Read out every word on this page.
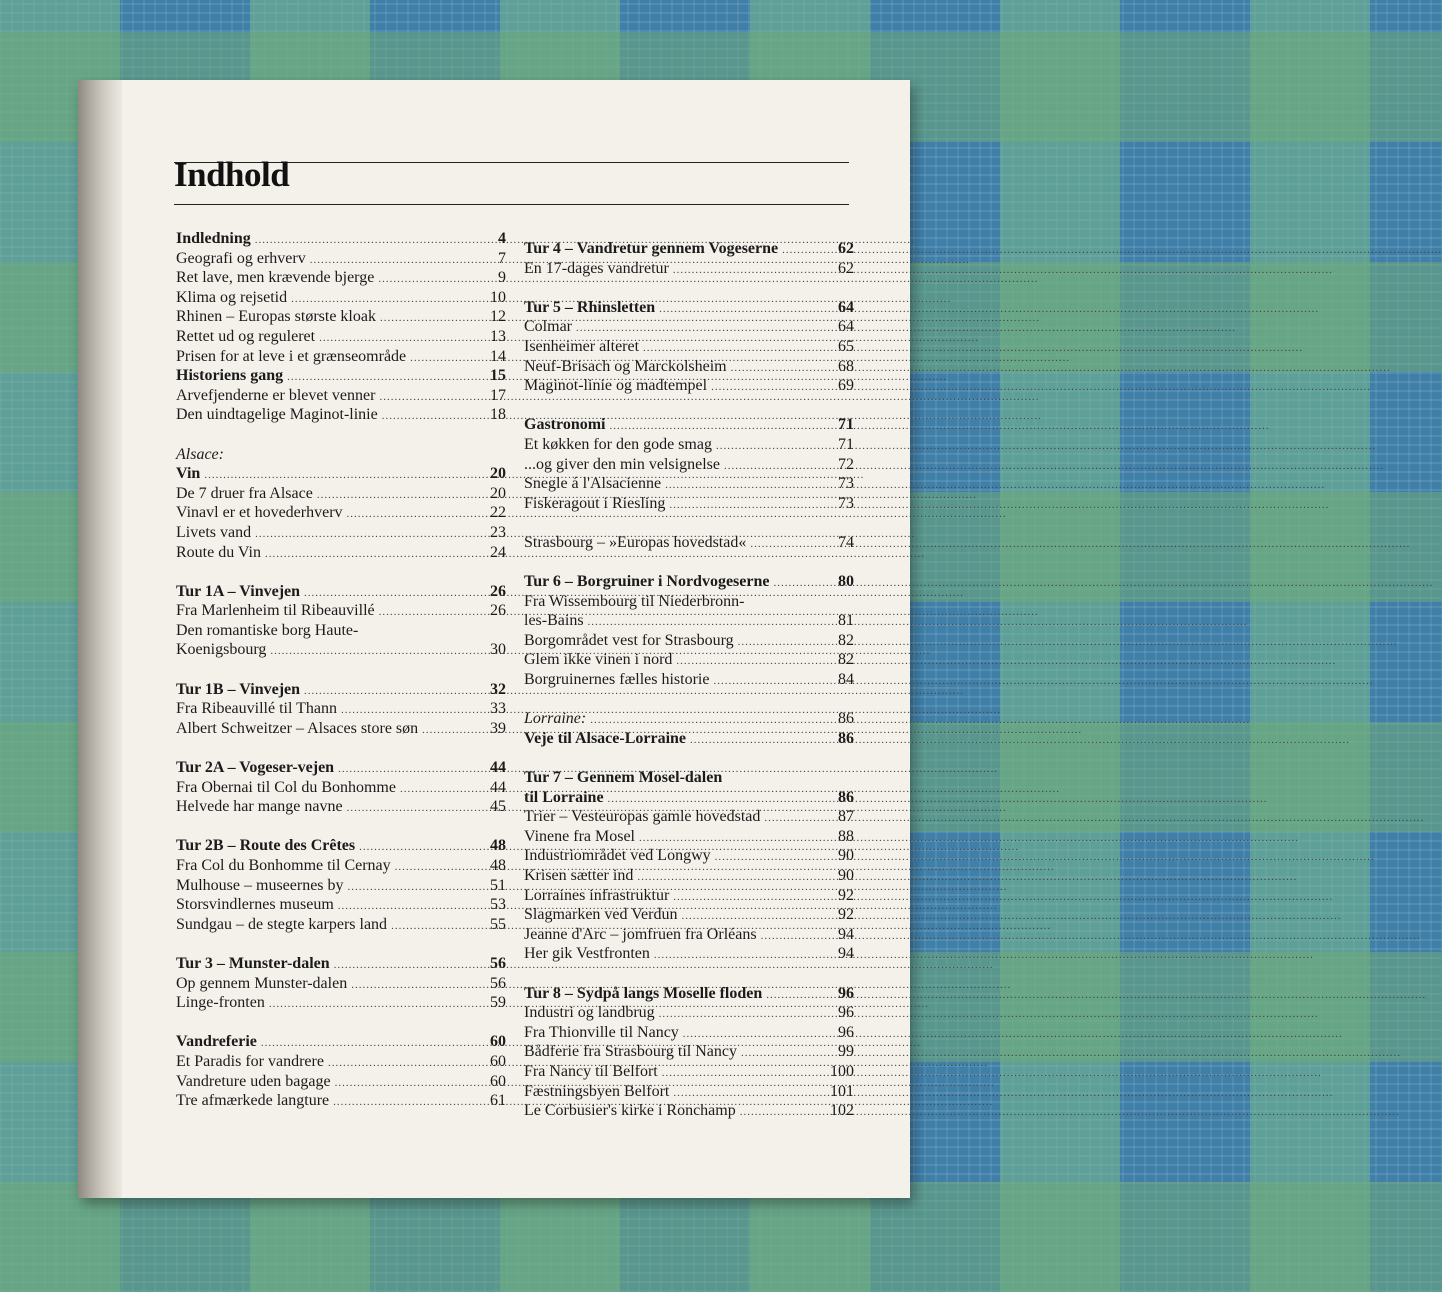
Indhold
Indledning .....	4
Geografi og erhverv .....	7
Ret lave, men krævende bjerge .....	9
Klima og rejsetid .....	10
Rhinen – Europas største kloak .....	12
Rettet ud og reguleret .....	13
Prisen for at leve i et grænseområde .....	14
Historiens gang .....	15
Arvefjenderne er blevet venner .....	17
Den uindtagelige Maginot-linie .....	18
Alsace:
Vin .....	20
De 7 druer fra Alsace .....	20
Vinavl er et hovederhverv .....	22
Livets vand .....	23
Route du Vin .....	24
Tur 1A – Vinvejen .....	26
Fra Marlenheim til Ribeauvillé .....	26
Den romantiske borg Haute-
Koenigsbourg .....	30
Tur 1B – Vinvejen .....	32
Fra Ribeauvillé til Thann .....	33
Albert Schweitzer – Alsaces store søn .....	39
Tur 2A – Vogeser-vejen .....	44
Fra Obernai til Col du Bonhomme .....	44
Helvede har mange navne .....	45
Tur 2B – Route des Crêtes .....	48
Fra Col du Bonhomme til Cernay .....	48
Mulhouse – museernes by .....	51
Storsvindlernes museum .....	53
Sundgau – de stegte karpers land .....	55
Tur 3 – Munster-dalen .....	56
Op gennem Munster-dalen .....	56
Linge-fronten .....	59
Vandreferie .....	60
Et Paradis for vandrere .....	60
Vandreture uden bagage .....	60
Tre afmærkede langture .....	61
Tur 4 – Vandretur gennem Vogeserne .....	62
En 17-dages vandretur .....	62
Tur 5 – Rhinsletten .....	64
Colmar .....	64
Isenheimer alteret .....	65
Neuf-Brisach og Marckolsheim .....	68
Maginot-linie og madtempel .....	69
Gastronomi .....	71
Et køkken for den gode smag .....	71
...og giver den min velsignelse .....	72
Snegle á l'Alsacienne .....	73
Fiskeragout i Riesling .....	73
Strasbourg – »Europas hovedstad« .....	74
Tur 6 – Borgruiner i Nordvogeserne .....	80
Fra Wissembourg til Niederbronn-
les-Bains .....	81
Borgområdet vest for Strasbourg .....	82
Glem ikke vinen i nord .....	82
Borgruinernes fælles historie .....	84
Lorraine: .....	86
Veje til Alsace-Lorraine .....	86
Tur 7 – Gennem Mosel-dalen
til Lorraine .....	86
Trier – Vesteuropas gamle hovedstad .....	87
Vinene fra Mosel .....	88
Industriområdet ved Longwy .....	90
Krisen sætter ind .....	90
Lorraines infrastruktur .....	92
Slagmarken ved Verdun .....	92
Jeanne d'Arc – jomfruen fra Orléans .....	94
Her gik Vestfronten .....	94
Tur 8 – Sydpå langs Moselle floden .....	96
Industri og landbrug .....	96
Fra Thionville til Nancy .....	96
Bådferie fra Strasbourg til Nancy .....	99
Fra Nancy til Belfort .....	100
Fæstningsbyen Belfort .....	101
Le Corbusier's kirke i Ronchamp .....	102
